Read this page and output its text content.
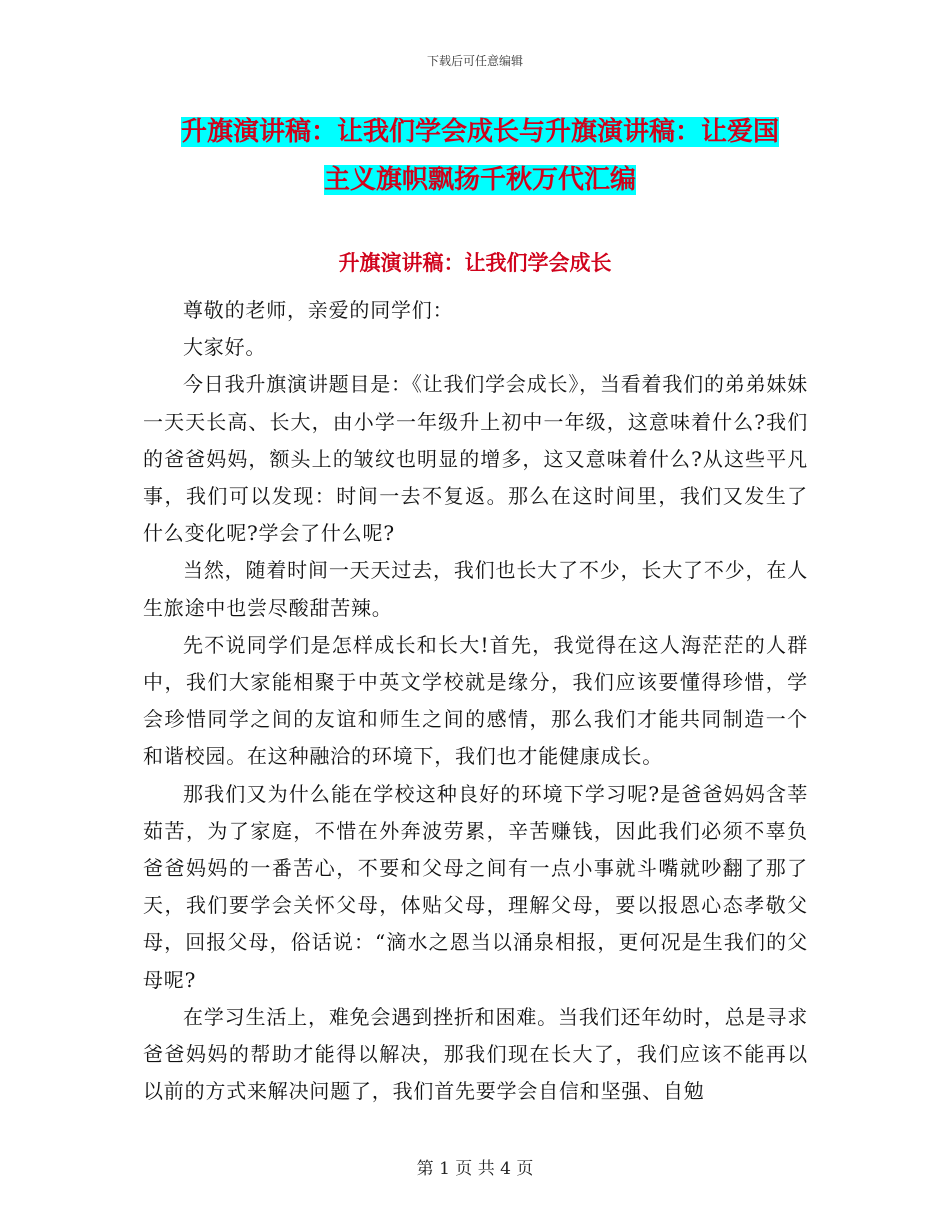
下载后可任意编辑
升旗演讲稿：让我们学会成长与升旗演讲稿：让爱国
主义旗帜飘扬千秋万代汇编
升旗演讲稿：让我们学会成长

尊敬的老师，亲爱的同学们：

大家好。

今日我升旗演讲题目是：《让我们学会成长》，当看着我们的弟弟妹妹一天天长高、长大，由小学一年级升上初中一年级，这意味着什么?我们的爸爸妈妈，额头上的皱纹也明显的增多，这又意味着什么?从这些平凡事，我们可以发现：时间一去不复返。那么在这时间里，我们又发生了什么变化呢?学会了什么呢?

当然，随着时间一天天过去，我们也长大了不少，长大了不少，在人生旅途中也尝尽酸甜苦辣。

先不说同学们是怎样成长和长大!首先，我觉得在这人海茫茫的人群中，我们大家能相聚于中英文学校就是缘分，我们应该要懂得珍惜，学会珍惜同学之间的友谊和师生之间的感情，那么我们才能共同制造一个和谐校园。在这种融洽的环境下，我们也才能健康成长。

那我们又为什么能在学校这种良好的环境下学习呢?是爸爸妈妈含莘茹苦，为了家庭，不惜在外奔波劳累，辛苦赚钱，因此我们必须不辜负爸爸妈妈的一番苦心，不要和父母之间有一点小事就斗嘴就吵翻了那了天，我们要学会关怀父母，体贴父母，理解父母，要以报恩心态孝敬父母，回报父母，俗话说：“滴水之恩当以涌泉相报，更何况是生我们的父母呢?

在学习生活上，难免会遇到挫折和困难。当我们还年幼时，总是寻求爸爸妈妈的帮助才能得以解决，那我们现在长大了，我们应该不能再以以前的方式来解决问题了，我们首先要学会自信和坚强、自勉

第 1 页 共 4 页
